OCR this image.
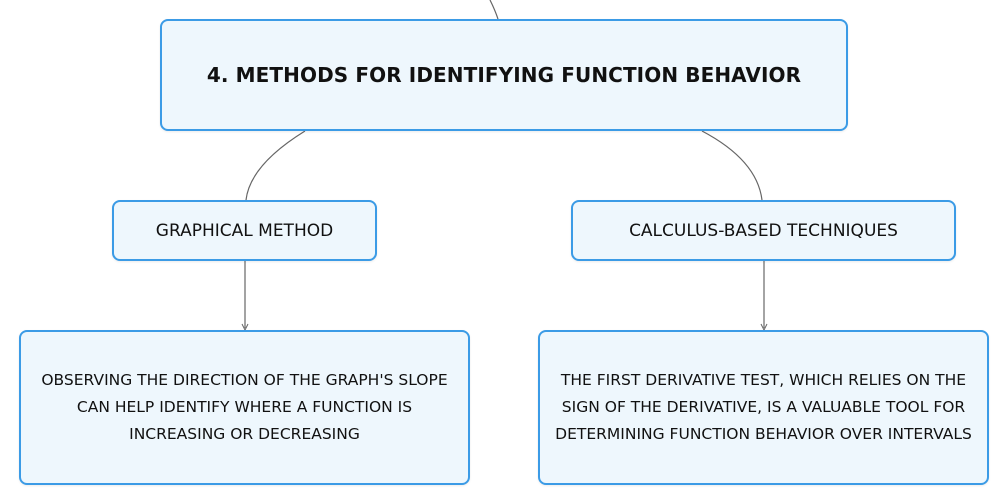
4. METHODS FOR IDENTIFYING FUNCTION BEHAVIOR
GRAPHICAL METHOD	CALCULUS-BASED TECHNIQUES
OBSERVING THE DIRECTION OF THE GRAPH'S SLOPE CAN HELP IDENTIFY WHERE A FUNCTION IS INCREASING OR DECREASING
THE FIRST DERIVATIVE TEST, WHICH RELIES ON THE SIGN OF THE DERIVATIVE, IS A VALUABLE TOOL FOR DETERMINING FUNCTION BEHAVIOR OVER INTERVALS
